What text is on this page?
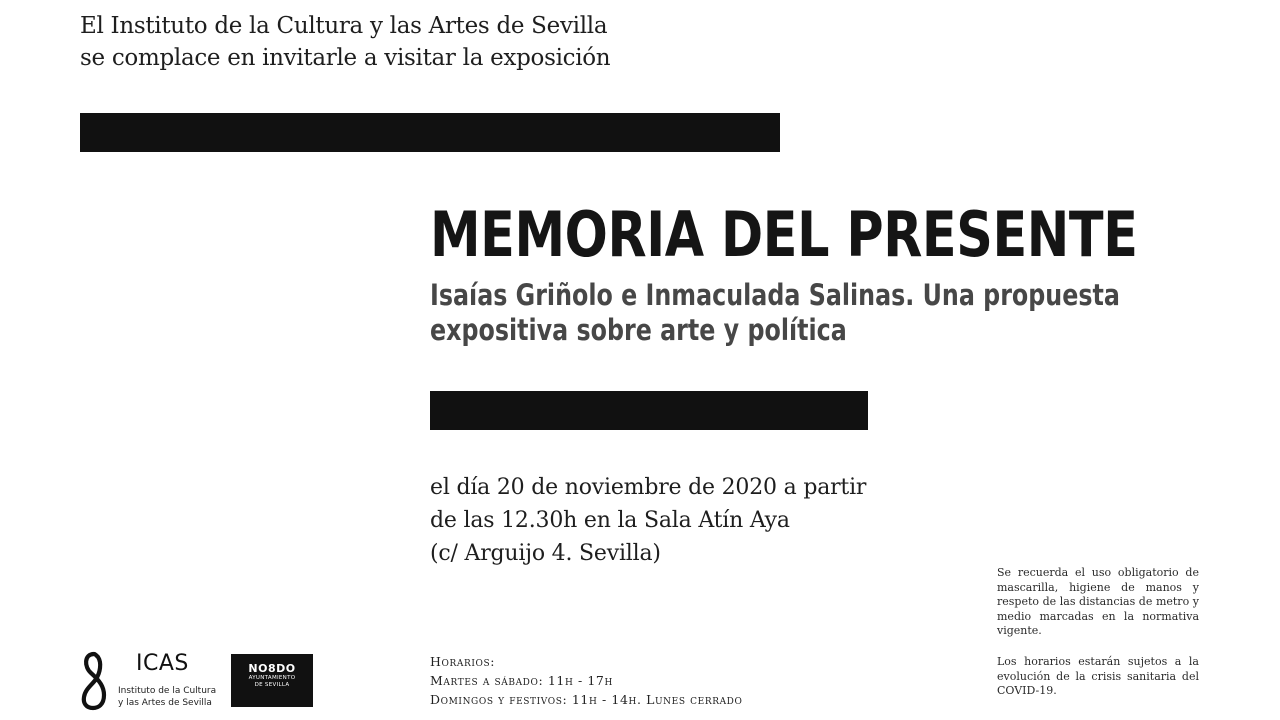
El Instituto de la Cultura y las Artes de Sevilla
se complace en invitarle a visitar la exposición
MEMORIA DEL PRESENTE
Isaías Griñolo e Inmaculada Salinas. Una propuesta
expositiva sobre arte y política
el día 20 de noviembre de 2020 a partir
de las 12.30h en la Sala Atín Aya
(c/ Arguijo 4. Sevilla)

Se recuerda el uso obligatorio de mascarilla, higiene de manos y respeto de las distancias de metro y medio marcadas en la normativa vigente.

Los horarios estarán sujetos a la evolución de la crisis sanitaria del COVID-19.

Horarios:
Martes a sábado: 11h - 17h
Domingos y festivos: 11h - 14h. Lunes cerrado
ICAS
Instituto de la Cultura
y las Artes de Sevilla
NO8DO
AYUNTAMIENTO
DE SEVILLA
